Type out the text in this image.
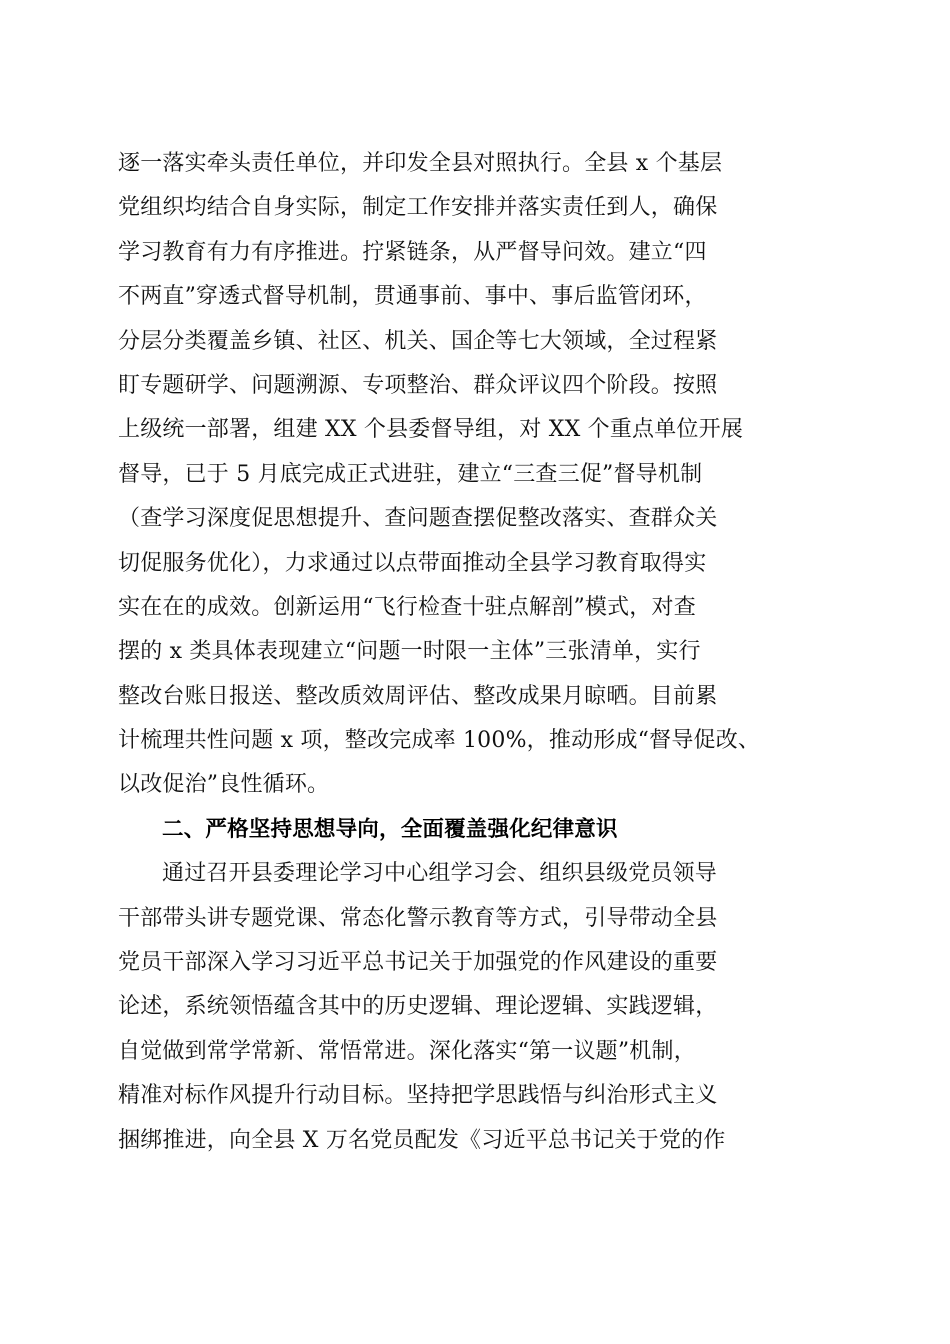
逐一落实牵头责任单位，并印发全县对照执行。全县 x 个基层
党组织均结合自身实际，制定工作安排并落实责任到人，确保
学习教育有力有序推进。拧紧链条，从严督导问效。建立“四
不两直”穿透式督导机制，贯通事前、事中、事后监管闭环，
分层分类覆盖乡镇、社区、机关、国企等七大领域，全过程紧
盯专题研学、问题溯源、专项整治、群众评议四个阶段。按照
上级统一部署，组建 XX 个县委督导组，对 XX 个重点单位开展
督导，已于 5 月底完成正式进驻，建立“三查三促”督导机制
（查学习深度促思想提升、查问题查摆促整改落实、查群众关
切促服务优化），力求通过以点带面推动全县学习教育取得实
实在在的成效。创新运用“飞行检查十驻点解剖”模式，对查
摆的 x 类具体表现建立“问题一时限一主体”三张清单，实行
整改台账日报送、整改质效周评估、整改成果月晾晒。目前累
计梳理共性问题 x 项，整改完成率 100%，推动形成“督导促改、
以改促治”良性循环。
二、严格坚持思想导向，全面覆盖强化纪律意识
通过召开县委理论学习中心组学习会、组织县级党员领导
干部带头讲专题党课、常态化警示教育等方式，引导带动全县
党员干部深入学习习近平总书记关于加强党的作风建设的重要
论述，系统领悟蕴含其中的历史逻辑、理论逻辑、实践逻辑，
自觉做到常学常新、常悟常进。深化落实“第一议题”机制，
精准对标作风提升行动目标。坚持把学思践悟与纠治形式主义
捆绑推进，向全县 X 万名党员配发《习近平总书记关于党的作
